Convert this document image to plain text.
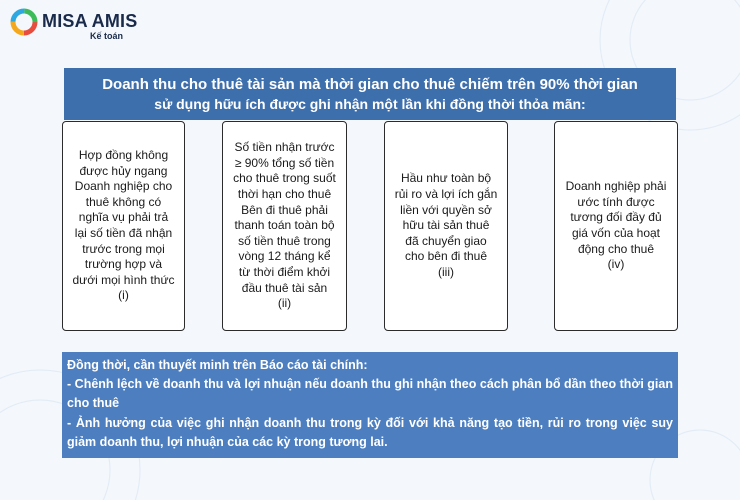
MISA AMIS
Kế toán
Doanh thu cho thuê tài sản mà thời gian cho thuê chiếm trên 90% thời gian
sử dụng hữu ích được ghi nhận một lần khi đồng thời thỏa mãn:
Hợp đồng không
được hủy ngang
Doanh nghiệp cho
thuê không có
nghĩa vụ phải trả
lại số tiền đã nhận
trước trong mọi
trường hợp và
dưới mọi hình thức
(i)
Số tiền nhận trước
≥ 90% tổng số tiền
cho thuê trong suốt
thời hạn cho thuê
Bên đi thuê phải
thanh toán toàn bộ
số tiền thuê trong
vòng 12 tháng kể
từ thời điểm khởi
đầu thuê tài sản
(ii)
Hầu như toàn bộ
rủi ro và lợi ích gắn
liền với quyền sở
hữu tài sản thuê
đã chuyển giao
cho bên đi thuê
(iii)
Doanh nghiệp phải
ước tính được
tương đối đầy đủ
giá vốn của hoạt
động cho thuê
(iv)

Đồng thời, cần thuyết minh trên Báo cáo tài chính:

- Chênh lệch về doanh thu và lợi nhuận nếu doanh thu ghi nhận theo cách phân bổ dần theo thời gian cho thuê

- Ảnh hưởng của việc ghi nhận doanh thu trong kỳ đối với khả năng tạo tiền, rủi ro trong việc suy giảm doanh thu, lợi nhuận của các kỳ trong tương lai.
